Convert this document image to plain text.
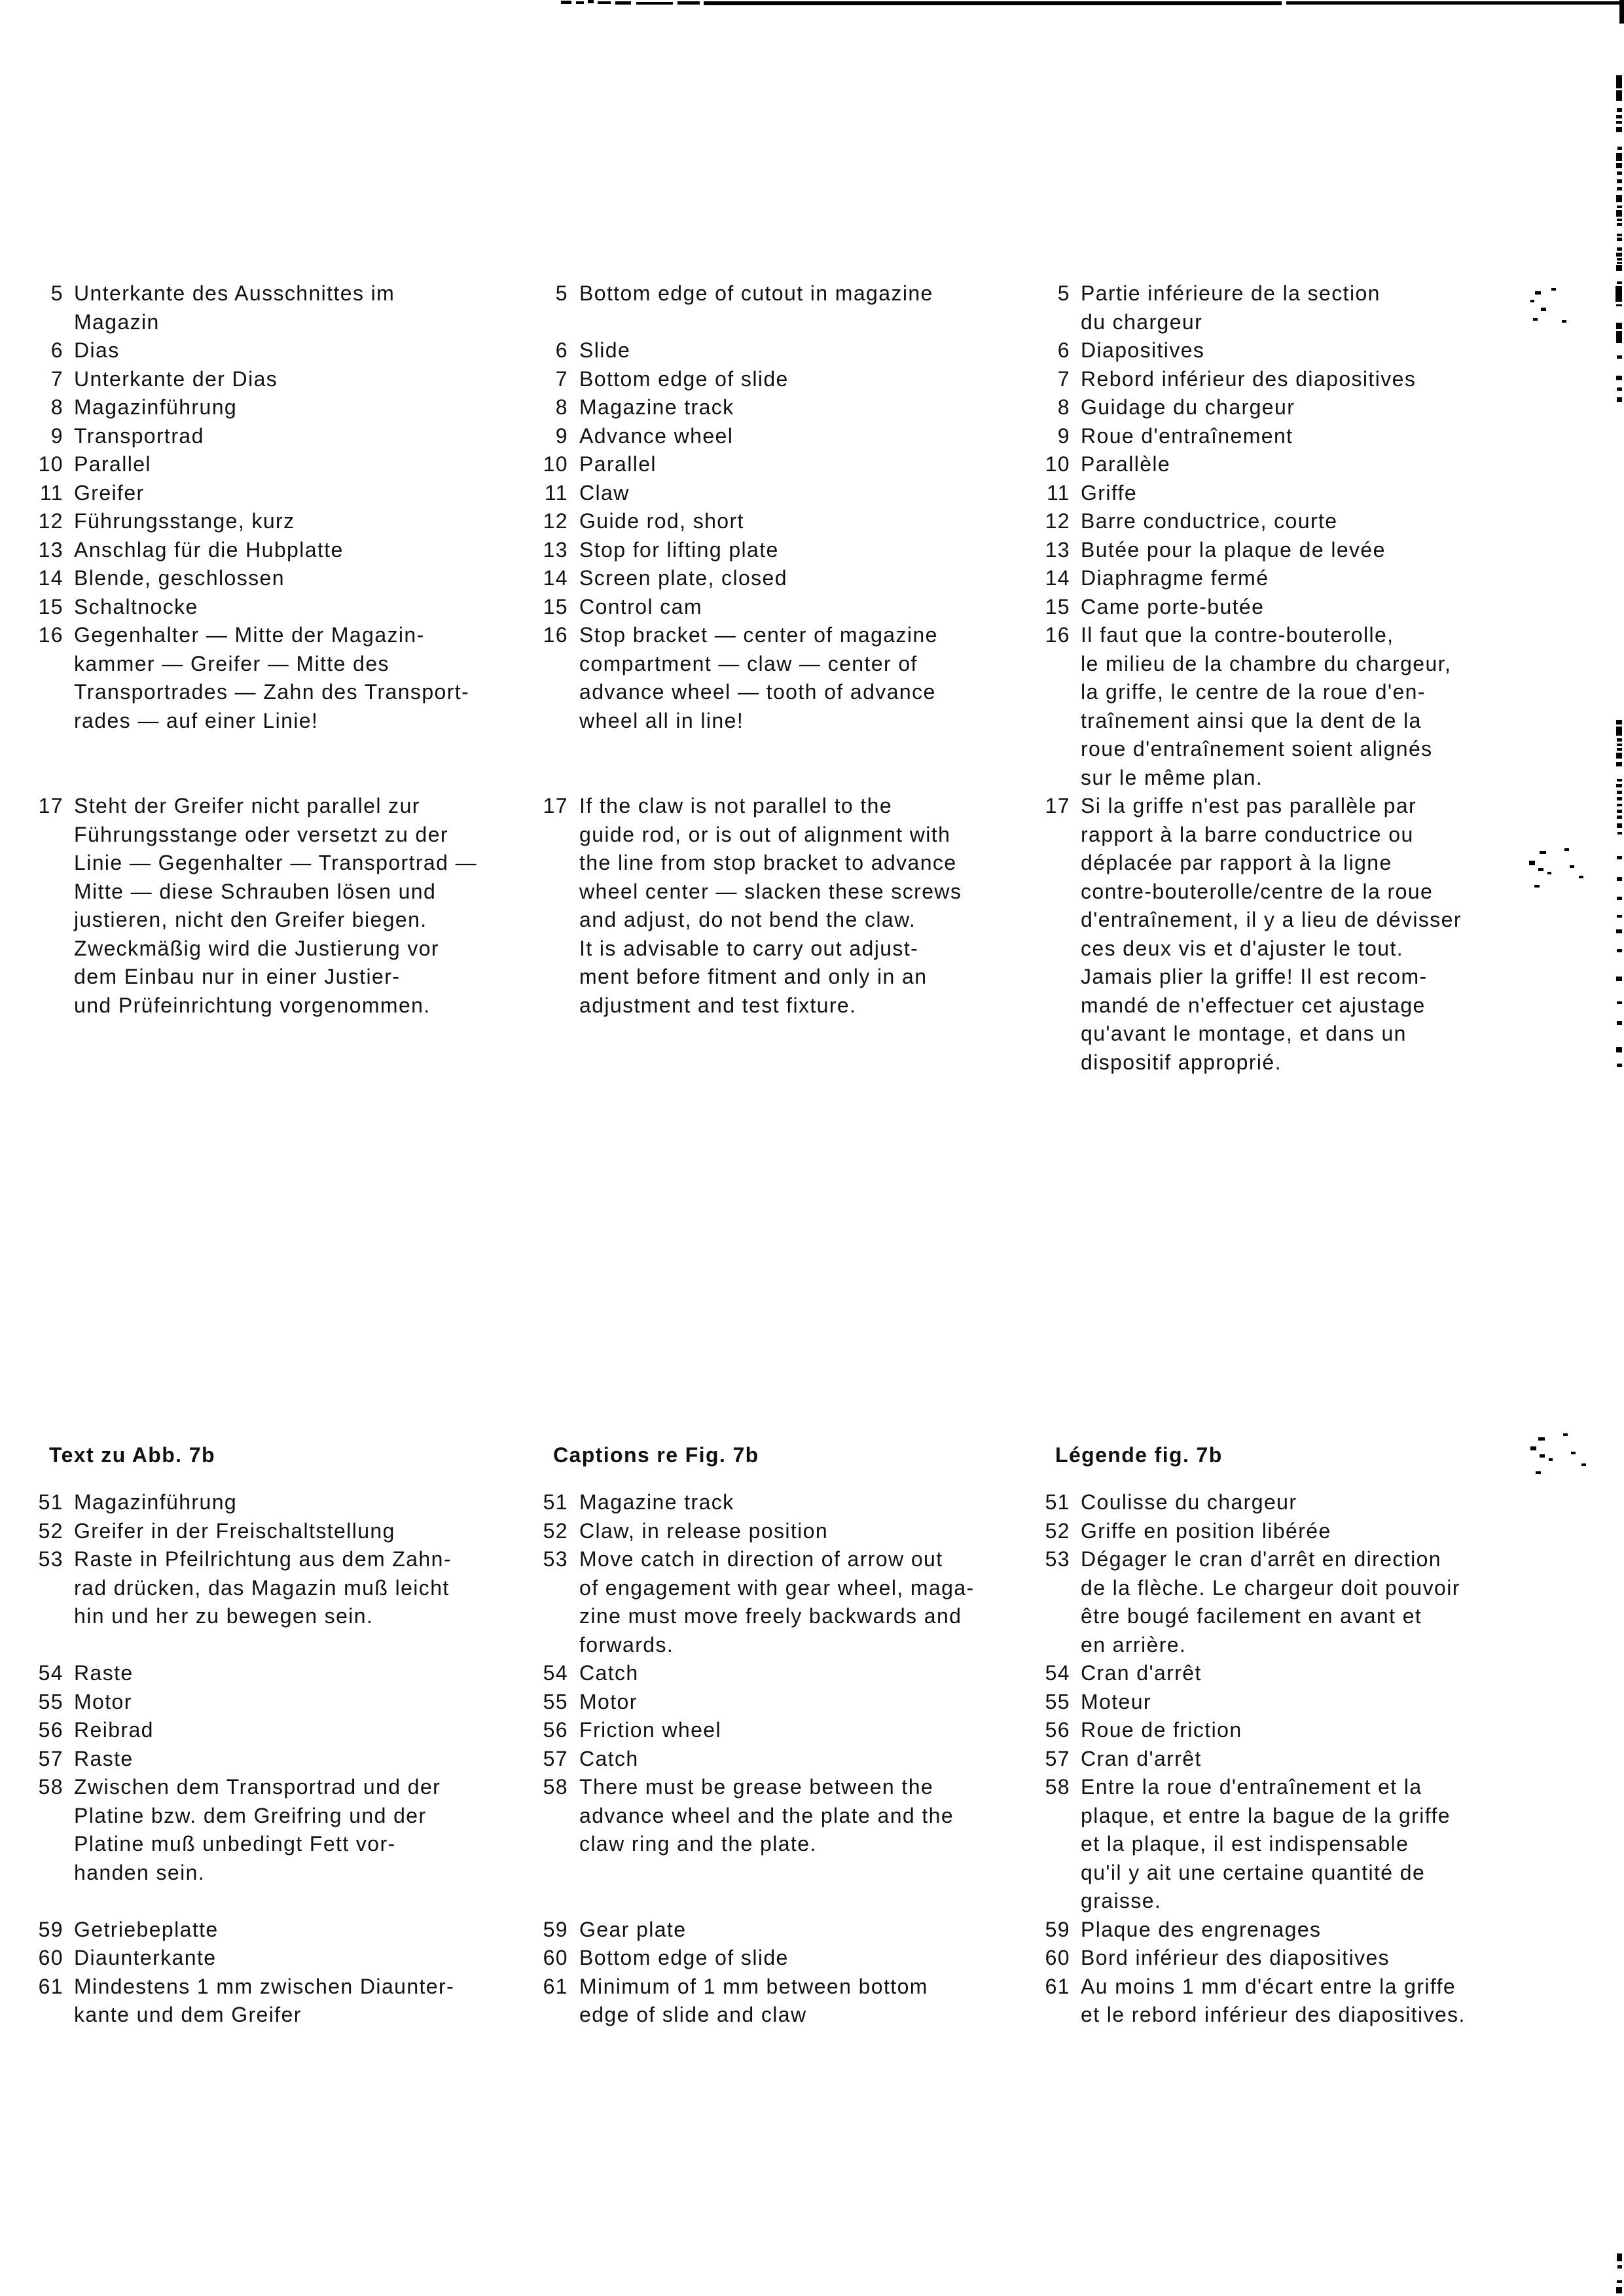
Text zu Abb. 7b	Captions re Fig. 7b	Légende fig. 7b
5 Unterkante des Ausschnittes im
Magazin
6 Dias
7 Unterkante der Dias
8 Magazinführung
9 Transportrad
10 Parallel
11 Greifer
12 Führungsstange, kurz
13 Anschlag für die Hubplatte
14 Blende, geschlossen
15 Schaltnocke
16 Gegenhalter — Mitte der Magazin-
kammer — Greifer — Mitte des
Transportrades — Zahn des Transport-
rades — auf einer Linie!
17 Steht der Greifer nicht parallel zur
Führungsstange oder versetzt zu der
Linie — Gegenhalter — Transportrad —
Mitte — diese Schrauben lösen und
justieren, nicht den Greifer biegen.
Zweckmäßig wird die Justierung vor
dem Einbau nur in einer Justier-
und Prüfeinrichtung vorgenommen.
5 Bottom edge of cutout in magazine
6 Slide
7 Bottom edge of slide
8 Magazine track
9 Advance wheel
10 Parallel
11 Claw
12 Guide rod, short
13 Stop for lifting plate
14 Screen plate, closed
15 Control cam
16 Stop bracket — center of magazine
compartment — claw — center of
advance wheel — tooth of advance
wheel all in line!
17 If the claw is not parallel to the
guide rod, or is out of alignment with
the line from stop bracket to advance
wheel center — slacken these screws
and adjust, do not bend the claw.
It is advisable to carry out adjust-
ment before fitment and only in an
adjustment and test fixture.
5 Partie inférieure de la section
du chargeur
6 Diapositives
7 Rebord inférieur des diapositives
8 Guidage du chargeur
9 Roue d'entraînement
10 Parallèle
11 Griffe
12 Barre conductrice, courte
13 Butée pour la plaque de levée
14 Diaphragme fermé
15 Came porte-butée
16 Il faut que la contre-bouterolle,
le milieu de la chambre du chargeur,
la griffe, le centre de la roue d'en-
traînement ainsi que la dent de la
roue d'entraînement soient alignés
sur le même plan.
17 Si la griffe n'est pas parallèle par
rapport à la barre conductrice ou
déplacée par rapport à la ligne
contre-bouterolle/centre de la roue
d'entraînement, il y a lieu de dévisser
ces deux vis et d'ajuster le tout.
Jamais plier la griffe! Il est recom-
mandé de n'effectuer cet ajustage
qu'avant le montage, et dans un
dispositif approprié.
51 Magazinführung
52 Greifer in der Freischaltstellung
53 Raste in Pfeilrichtung aus dem Zahn-
rad drücken, das Magazin muß leicht
hin und her zu bewegen sein.
54 Raste
55 Motor
56 Reibrad
57 Raste
58 Zwischen dem Transportrad und der
Platine bzw. dem Greifring und der
Platine muß unbedingt Fett vor-
handen sein.
59 Getriebeplatte
60 Diaunterkante
61 Mindestens 1 mm zwischen Diaunter-
kante und dem Greifer
51 Magazine track
52 Claw, in release position
53 Move catch in direction of arrow out
of engagement with gear wheel, maga-
zine must move freely backwards and
forwards.
54 Catch
55 Motor
56 Friction wheel
57 Catch
58 There must be grease between the
advance wheel and the plate and the
claw ring and the plate.
59 Gear plate
60 Bottom edge of slide
61 Minimum of 1 mm between bottom
edge of slide and claw
51 Coulisse du chargeur
52 Griffe en position libérée
53 Dégager le cran d'arrêt en direction
de la flèche. Le chargeur doit pouvoir
être bougé facilement en avant et
en arrière.
54 Cran d'arrêt
55 Moteur
56 Roue de friction
57 Cran d'arrêt
58 Entre la roue d'entraînement et la
plaque, et entre la bague de la griffe
et la plaque, il est indispensable
qu'il y ait une certaine quantité de
graisse.
59 Plaque des engrenages
60 Bord inférieur des diapositives
61 Au moins 1 mm d'écart entre la griffe
et le rebord inférieur des diapositives.
